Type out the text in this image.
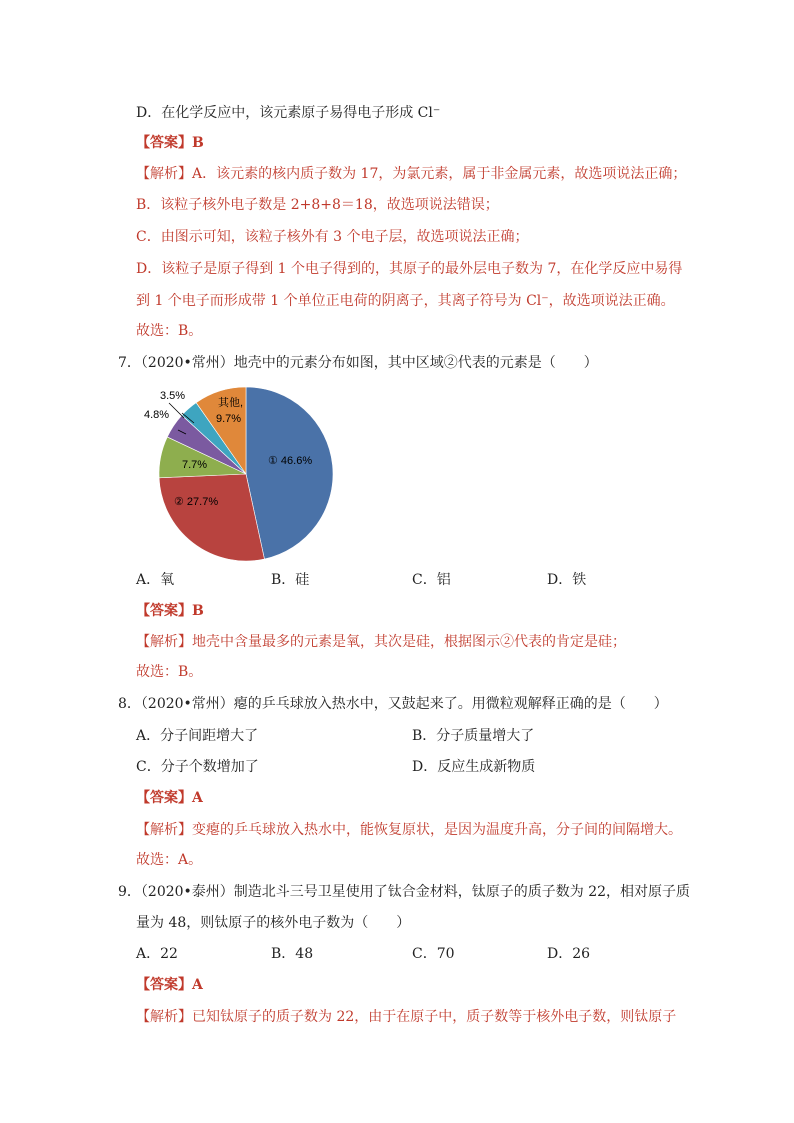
D．在化学反应中，该元素原子易得电子形成 Cl⁻
【答案】B
【解析】A．该元素的核内质子数为 17，为氯元素，属于非金属元素，故选项说法正确；
B．该粒子核外电子数是 2+8+8＝18，故选项说法错误；
C．由图示可知，该粒子核外有 3 个电子层，故选项说法正确；
D．该粒子是原子得到 1 个电子得到的，其原子的最外层电子数为 7，在化学反应中易得
到 1 个电子而形成带 1 个单位正电荷的阴离子，其离子符号为 Cl⁻，故选项说法正确。
故选：B。
7．（2020•常州）地壳中的元素分布如图，其中区域②代表的元素是（　　）
3.5%
4.8%
7.7%
其他,
9.7%
① 46.6%
② 27.7%
A．氧	B．硅	C．铝	D．铁
【答案】B
【解析】地壳中含量最多的元素是氧，其次是硅，根据图示②代表的肯定是硅；
故选：B。
8．（2020•常州）瘪的乒乓球放入热水中，又鼓起来了。用微粒观解释正确的是（　　）
A．分子间距增大了	B．分子质量增大了
C．分子个数增加了	D．反应生成新物质
【答案】A
【解析】变瘪的乒乓球放入热水中，能恢复原状，是因为温度升高，分子间的间隔增大。
故选：A。
9．（2020•泰州）制造北斗三号卫星使用了钛合金材料，钛原子的质子数为 22，相对原子质
量为 48，则钛原子的核外电子数为（　　）
A．22	B．48	C．70	D．26
【答案】A
【解析】已知钛原子的质子数为 22，由于在原子中，质子数等于核外电子数，则钛原子
